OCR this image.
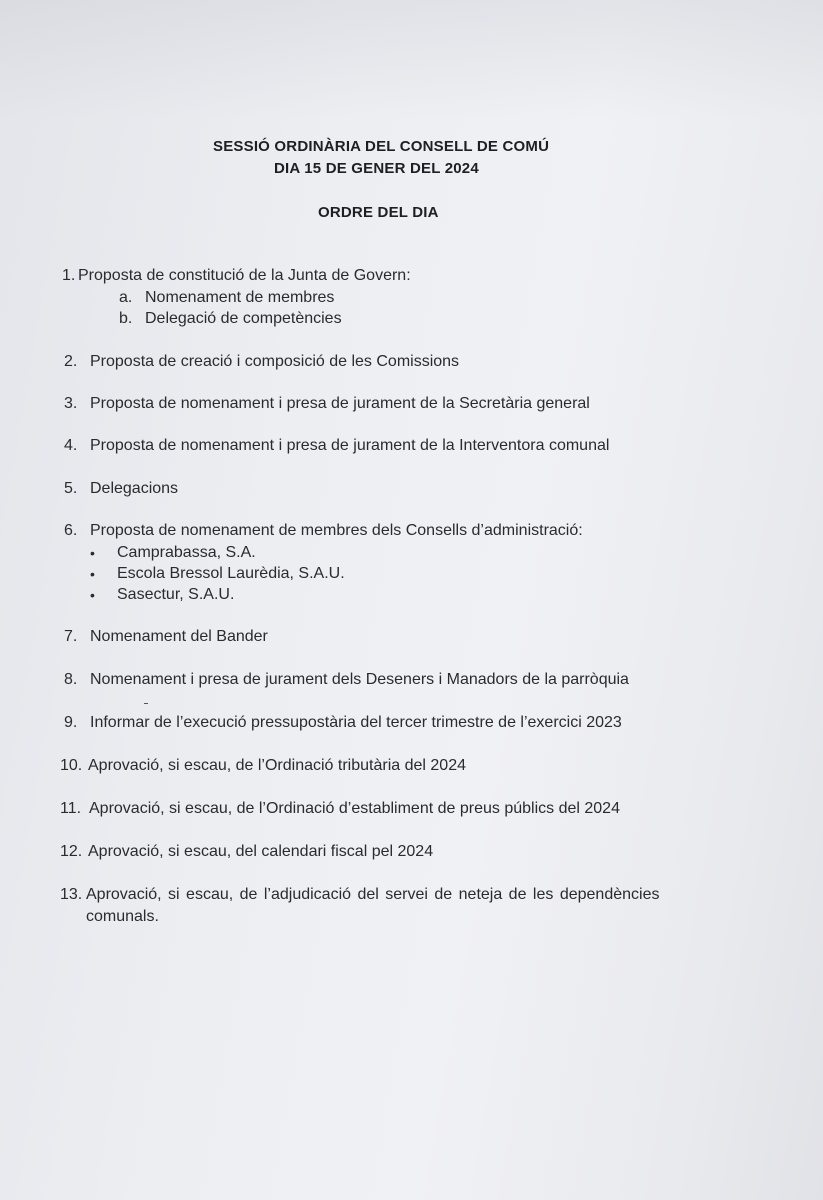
SESSIÓ ORDINÀRIA DEL CONSELL DE COMÚ
DIA 15 DE GENER DEL 2024
ORDRE DEL DIA
1. Proposta de constitució de la Junta de Govern:
a. Nomenament de membres
b. Delegació de competències
2. Proposta de creació i composició de les Comissions
3. Proposta de nomenament i presa de jurament de la Secretària general
4. Proposta de nomenament i presa de jurament de la Interventora comunal
5. Delegacions
6. Proposta de nomenament de membres dels Consells d’administració:
• Camprabassa, S.A.
• Escola Bressol Laurèdia, S.A.U.
• Sasectur, S.A.U.
7. Nomenament del Bander
8. Nomenament i presa de jurament dels Deseners i Manadors de la parròquia
9. Informar de l’execució pressupostària del tercer trimestre de l’exercici 2023
10. Aprovació, si escau, de l’Ordinació tributària del 2024
11. Aprovació, si escau, de l’Ordinació d’establiment de preus públics del 2024
12. Aprovació, si escau, del calendari fiscal pel 2024
13. Aprovació, si escau, de l’adjudicació del servei de neteja de les dependències
comunals.
